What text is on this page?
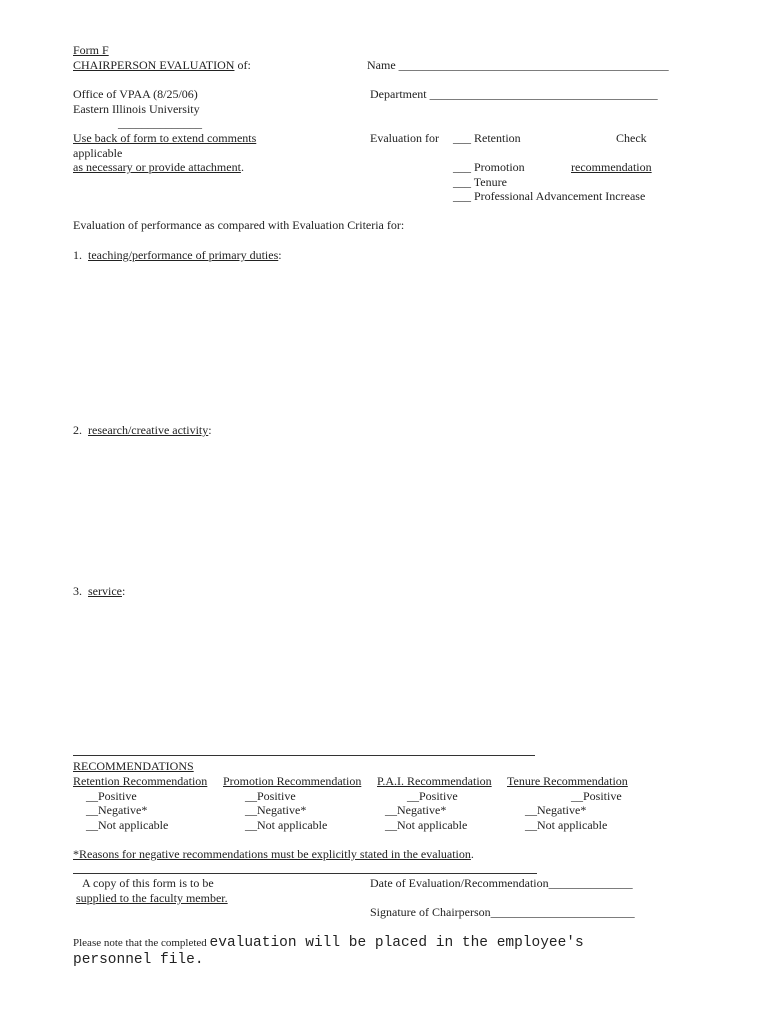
Form F
CHAIRPERSON EVALUATION of:	Name _____________________________________________
Office of VPAA (8/25/06)
Eastern Illinois University
Department ______________________________________
______________
Use back of form to extend comments
applicable
as necessary or provide attachment.
Evaluation for ___ Retention
___ Promotion
___ Tenure
___ Professional Advancement Increase
Check
recommendation
Evaluation of performance as compared with Evaluation Criteria for:
1. teaching/performance of primary duties:
2. research/creative activity:
3. service:
RECOMMENDATIONS
Retention Recommendation Promotion Recommendation P.A.I. Recommendation Tenure Recommendation
__Positive
__Negative*
__Not applicable
__Positive
__Negative*
__Not applicable
__Positive
__Negative*
__Not applicable
__Positive
__Negative*
__Not applicable
*Reasons for negative recommendations must be explicitly stated in the evaluation.
A copy of this form is to be
supplied to the faculty member.
Date of Evaluation/Recommendation______________
Signature of Chairperson________________________
Please note that the completed evaluation will be placed in the employee's
personnel file.
